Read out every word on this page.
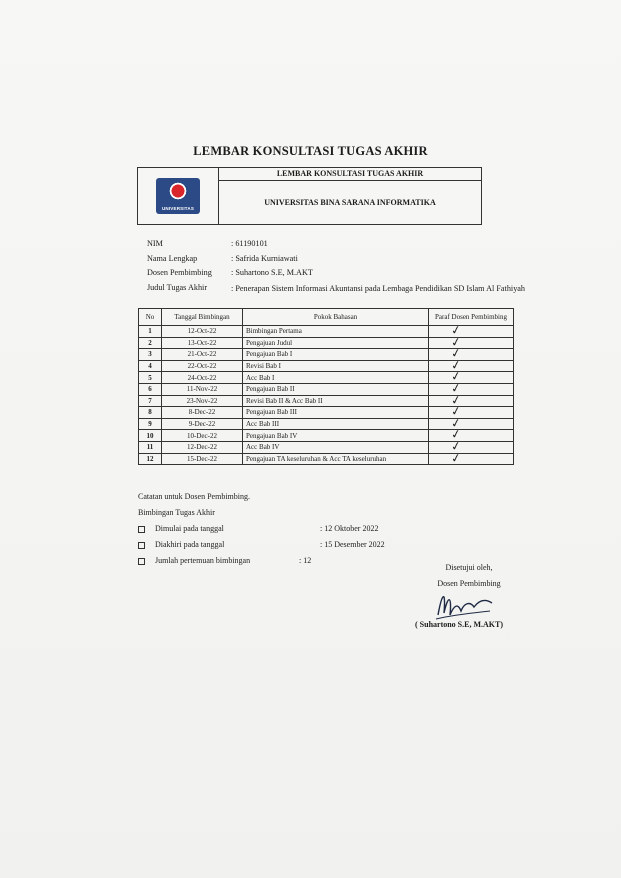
LEMBAR KONSULTASI TUGAS AKHIR
UNIVERSITAS
LEMBAR KONSULTASI TUGAS AKHIR
UNIVERSITAS BINA SARANA INFORMATIKA
NIM	: 61190101
Nama Lengkap	: Safrida Kurniawati
Dosen Pembimbing	: Suhartono S.E, M.AKT
Judul Tugas Akhir	: Penerapan Sistem Informasi Akuntansi pada Lembaga Pendidikan SD Islam Al Fathiyah
No	Tanggal Bimbingan	Pokok Bahasan	Paraf Dosen Pembimbing
1	12-Oct-22	Bimbingan Pertama	✓

2	13-Oct-22	Pengajuan Judul	✓

3	21-Oct-22	Pengajuan Bab I	✓

4	22-Oct-22	Revisi Bab I	✓

5	24-Oct-22	Acc Bab I	✓

6	11-Nov-22	Pengajuan Bab II	✓

7	23-Nov-22	Revisi Bab II & Acc Bab II	✓

8	8-Dec-22	Pengajuan Bab III	✓

9	9-Dec-22	Acc Bab III	✓

10	10-Dec-22	Pengajuan Bab IV	✓

11	12-Dec-22	Acc Bab IV	✓

12	15-Dec-22	Pengajuan TA keseluruhan & Acc TA keseluruhan	✓
Catatan untuk Dosen Pembimbing.
Bimbingan Tugas Akhir
Dimulai pada tanggal	: 12 Oktober 2022
Diakhiri pada tanggal	: 15 Desember 2022
Jumlah pertemuan bimbingan	: 12
Disetujui oleh,
Dosen Pembimbing
( Suhartono S.E, M.AKT)
